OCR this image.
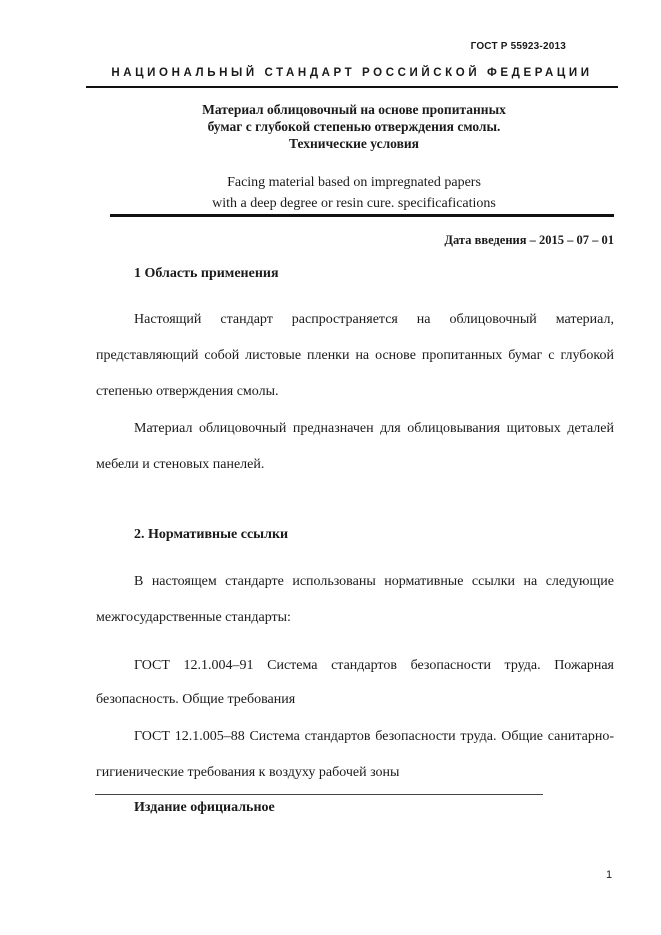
ГОСТ Р 55923-2013
НАЦИОНАЛЬНЫЙ СТАНДАРТ РОССИЙСКОЙ ФЕДЕРАЦИИ
Материал облицовочный на основе пропитанных
бумаг с глубокой степенью отверждения смолы.
Технические условия
Facing material based on impregnated papers
with a deep degree or resin cure. specificafications
Дата введения – 2015 – 07 – 01
1 Область применения
Настоящий стандарт распространяется на облицовочный материал, представляющий собой листовые пленки на основе пропитанных бумаг с глубокой степенью отверждения смолы.
Материал облицовочный предназначен для облицовывания щитовых деталей мебели и стеновых панелей.
2. Нормативные ссылки
В настоящем стандарте использованы нормативные ссылки на следующие межгосударственные стандарты:
ГОСТ 12.1.004–91 Система стандартов безопасности труда. Пожарная безопасность. Общие требования
ГОСТ 12.1.005–88 Система стандартов безопасности труда. Общие санитарно-гигиенические требования к воздуху рабочей зоны
Издание официальное
1
